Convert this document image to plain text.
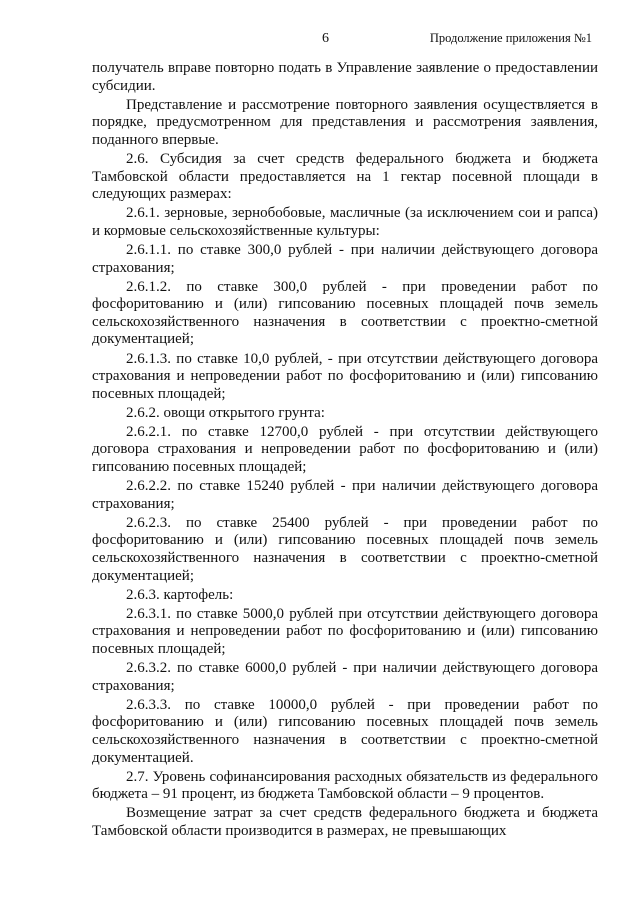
6	Продолжение приложения №1

получатель вправе повторно подать в Управление заявление о предоставлении субсидии.

Представление и рассмотрение повторного заявления осуществляется в порядке, предусмотренном для представления и рассмотрения заявления, поданного впервые.

2.6. Субсидия за счет средств федерального бюджета и бюджета Тамбовской области предоставляется на 1 гектар посевной площади в следующих размерах:

2.6.1. зерновые, зернобобовые, масличные (за исключением сои и рапса) и кормовые сельскохозяйственные культуры:

2.6.1.1. по ставке 300,0 рублей - при наличии действующего договора страхования;

2.6.1.2. по ставке 300,0 рублей - при проведении работ по фосфоритованию и (или) гипсованию посевных площадей почв земель сельскохозяйственного назначения в соответствии с проектно-сметной документацией;

2.6.1.3. по ставке 10,0 рублей, - при отсутствии действующего договора страхования и непроведении работ по фосфоритованию и (или) гипсованию посевных площадей;

2.6.2. овощи открытого грунта:

2.6.2.1. по ставке 12700,0 рублей - при отсутствии действующего договора страхования и непроведении работ по фосфоритованию и (или) гипсованию посевных площадей;

2.6.2.2. по ставке 15240 рублей - при наличии действующего договора страхования;

2.6.2.3. по ставке 25400 рублей - при проведении работ по фосфоритованию и (или) гипсованию посевных площадей почв земель сельскохозяйственного назначения в соответствии с проектно-сметной документацией;

2.6.3. картофель:

2.6.3.1. по ставке 5000,0 рублей при отсутствии действующего договора страхования и непроведении работ по фосфоритованию и (или) гипсованию посевных площадей;

2.6.3.2. по ставке 6000,0 рублей - при наличии действующего договора страхования;

2.6.3.3. по ставке 10000,0 рублей - при проведении работ по фосфоритованию и (или) гипсованию посевных площадей почв земель сельскохозяйственного назначения в соответствии с проектно-сметной документацией.

2.7. Уровень софинансирования расходных обязательств из федерального бюджета – 91 процент, из бюджета Тамбовской области – 9 процентов.

Возмещение затрат за счет средств федерального бюджета и бюджета Тамбовской области производится в размерах, не превышающих
